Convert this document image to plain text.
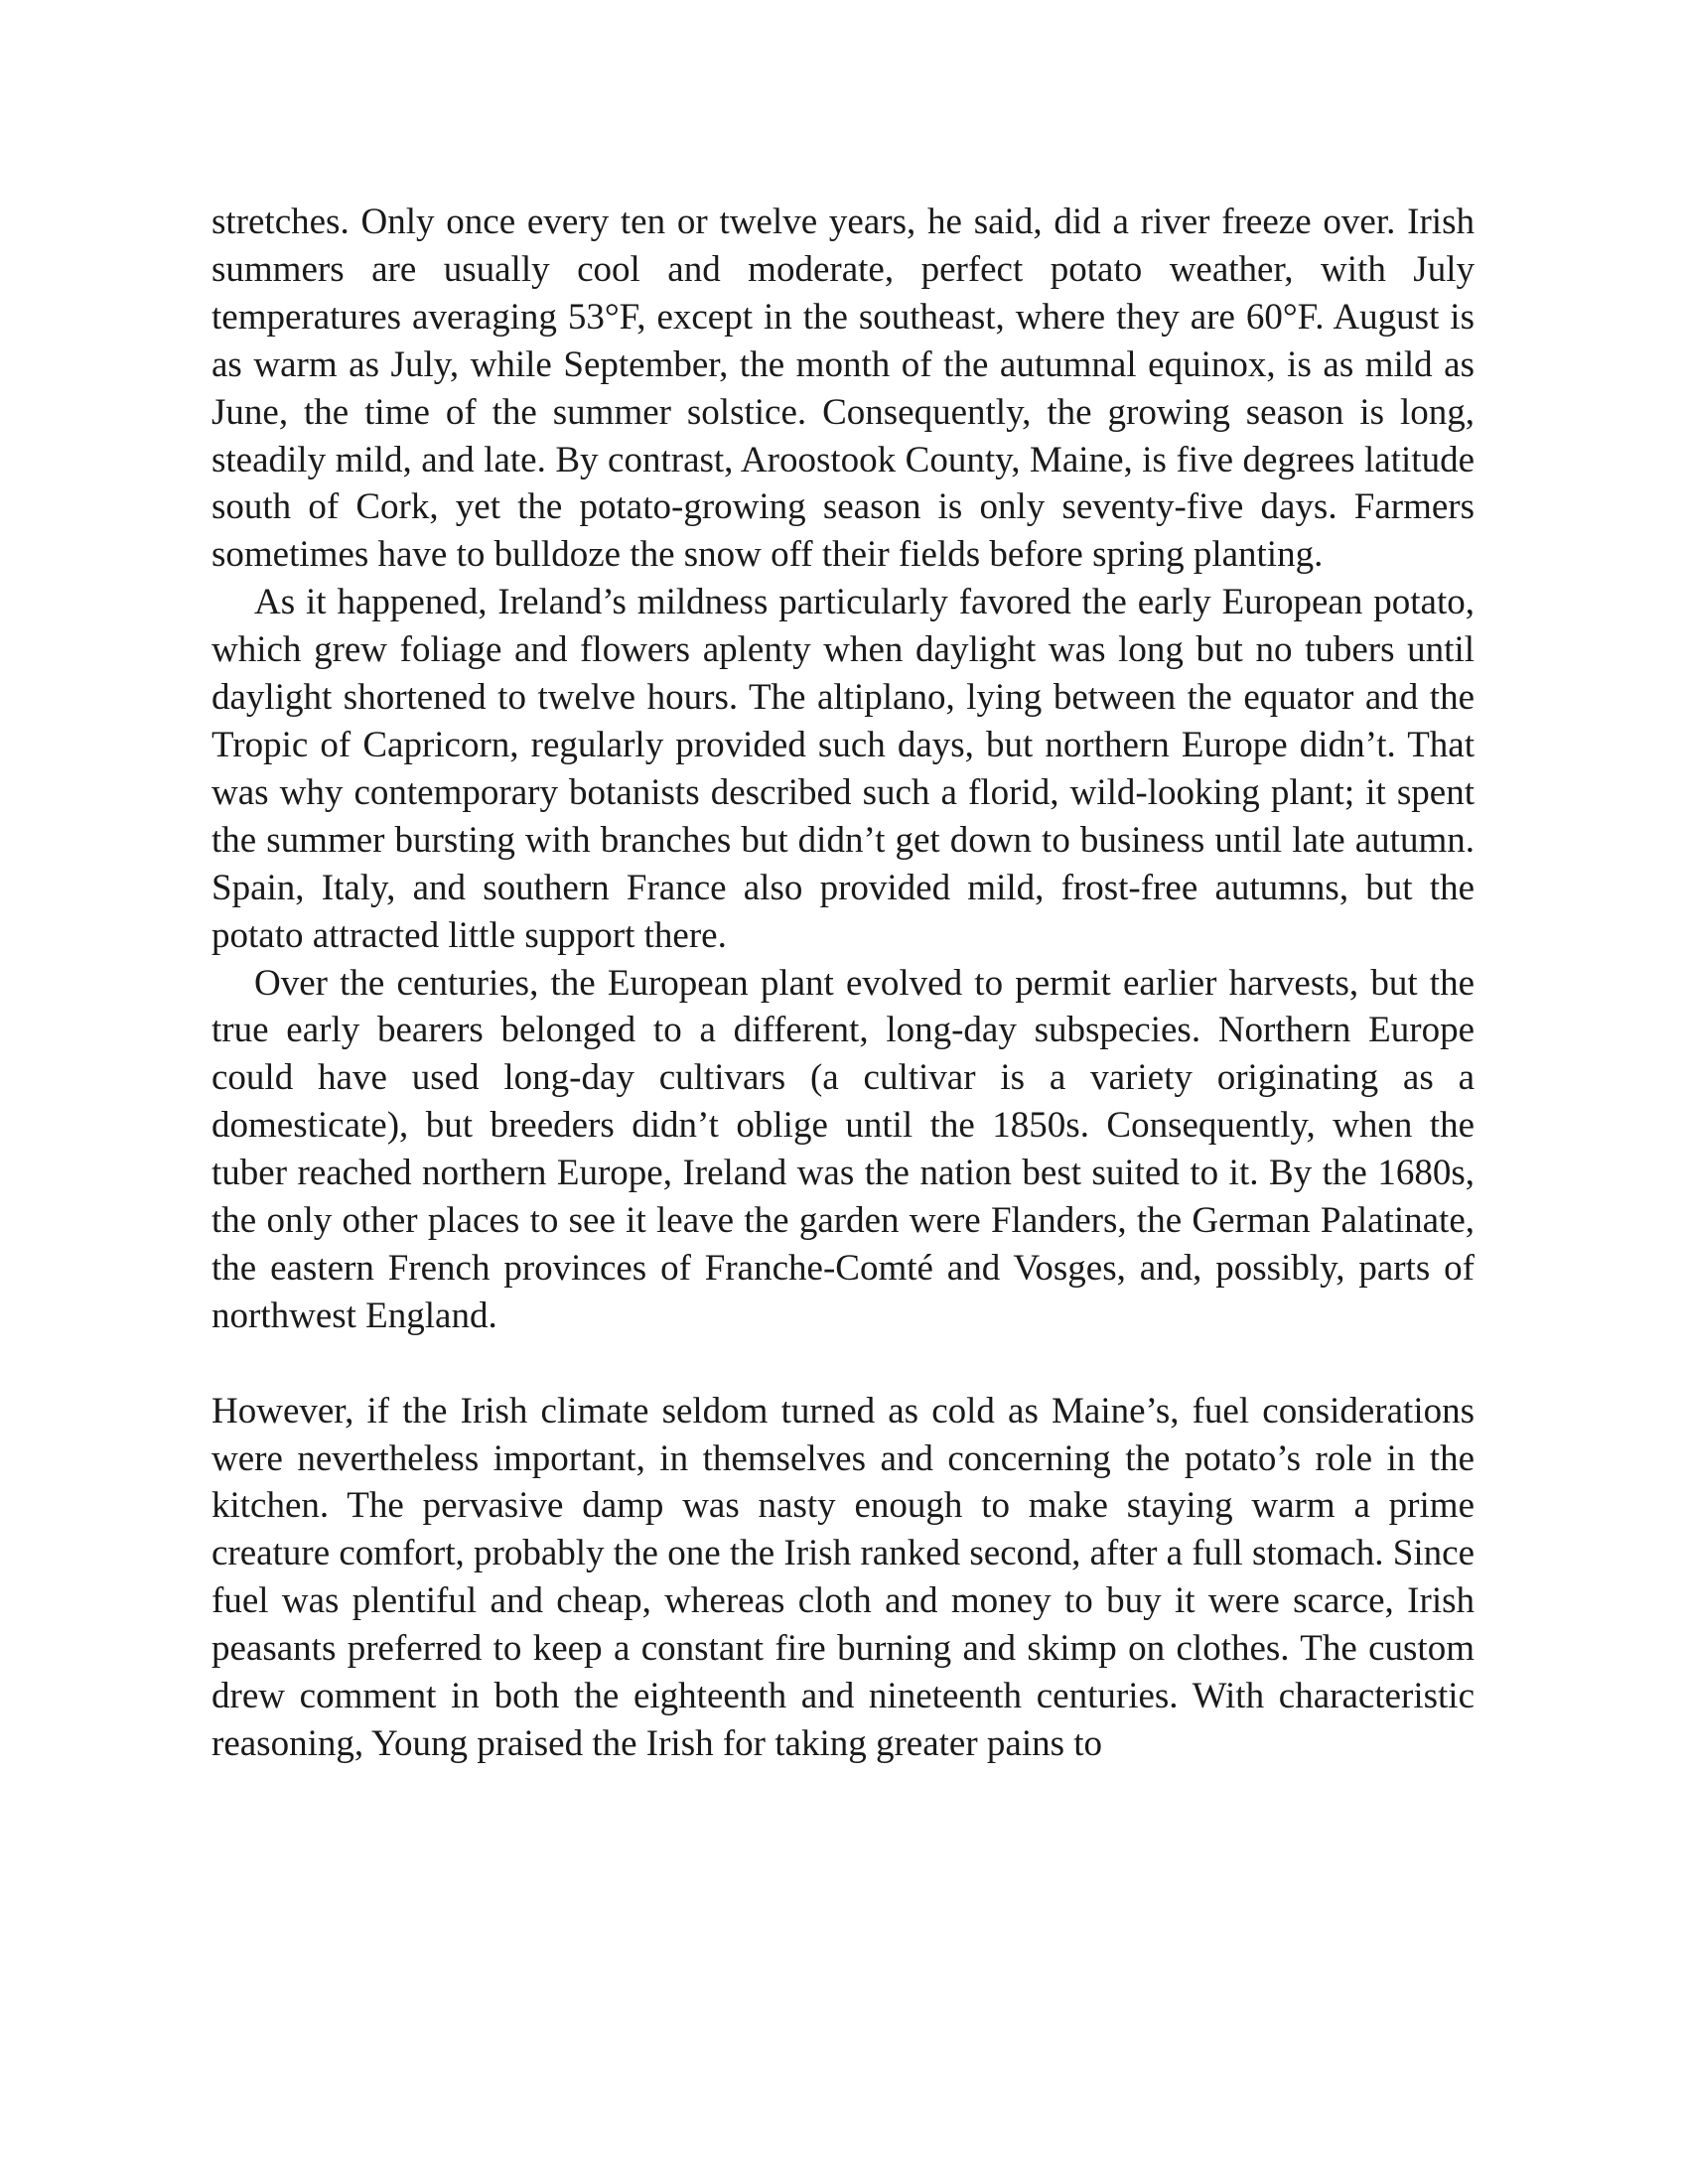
stretches. Only once every ten or twelve years, he said, did a river freeze over. Irish summers are usually cool and moderate, perfect potato weather, with July temperatures averaging 53°F, except in the southeast, where they are 60°F. August is as warm as July, while September, the month of the autumnal equinox, is as mild as June, the time of the summer solstice. Consequently, the growing season is long, steadily mild, and late. By contrast, Aroostook County, Maine, is five degrees latitude south of Cork, yet the potato-growing season is only seventy-five days. Farmers sometimes have to bulldoze the snow off their fields before spring planting.

As it happened, Ireland’s mildness particularly favored the early European potato, which grew foliage and flowers aplenty when daylight was long but no tubers until daylight shortened to twelve hours. The altiplano, lying between the equator and the Tropic of Capricorn, regularly provided such days, but northern Europe didn’t. That was why contemporary botanists described such a florid, wild-looking plant; it spent the summer bursting with branches but didn’t get down to business until late autumn. Spain, Italy, and southern France also provided mild, frost-free autumns, but the potato attracted little support there.

Over the centuries, the European plant evolved to permit earlier harvests, but the true early bearers belonged to a different, long-day subspecies. Northern Europe could have used long-day cultivars (a cultivar is a variety originating as a domesticate), but breeders didn’t oblige until the 1850s. Consequently, when the tuber reached northern Europe, Ireland was the nation best suited to it. By the 1680s, the only other places to see it leave the garden were Flanders, the German Palatinate, the eastern French provinces of Franche-Comté and Vosges, and, possibly, parts of northwest England.

However, if the Irish climate seldom turned as cold as Maine’s, fuel considerations were nevertheless important, in themselves and concerning the potato’s role in the kitchen. The pervasive damp was nasty enough to make staying warm a prime creature comfort, probably the one the Irish ranked second, after a full stomach. Since fuel was plentiful and cheap, whereas cloth and money to buy it were scarce, Irish peasants preferred to keep a constant fire burning and skimp on clothes. The custom drew comment in both the eighteenth and nineteenth centuries. With characteristic reasoning, Young praised the Irish for taking greater pains to
